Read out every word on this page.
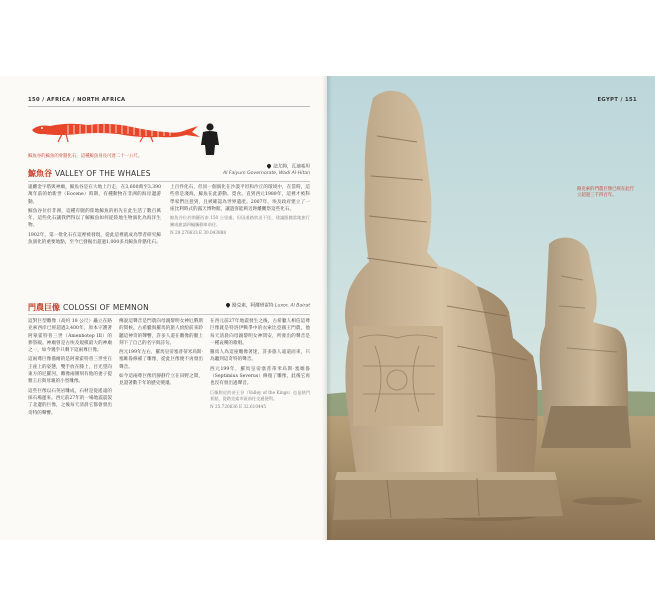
150 / AFRICA / NORTH AFRICA
鯨魚谷的鯨魚的骨骼化石，這種鯨魚身長可達二十一公尺。
法尤姆，瓦迪希坦
Al Faiyum Governorate, Wadi Al-Hitan
鯨魚谷 VALLEY OF THE WHALES

遠離金字塔與神廟，鯨魚谷是在大地上行走，在3,600萬至3,390萬年前的始新世（Eocene）時期，有種動物在非洲的海岸邊游動。

鯨魚谷位於非洲，這種有腿的陸地鯨魚的祖先在此生活了數百萬年，這些化石讓我們得以了解鯨魚如何從陸地生物演化為海洋生物。

1902年，第一批化石在這裡被發現，從此這裡就成為學者研究鯨魚演化的重要地點，至今已發掘出超過1,000多具鯨魚骨骼化石。

上百件化石，但同一個演化在沙漠平坦和沙丘的環境中，在當時，這些曾是淺海，鯨魚在此游動、覓食。直到西元1989年，這裡才被科學家們注意到，且被確認為世界遺產。2007年，埃及政府建立了一座比利時式的露天博物館，讓遊客能夠近距離觀察這些化石。

鯨魚谷位於開羅西南 150 公里處，但因道路狀況不佳，建議跟隨當地旅行團或雇請四輪驅動車前往。

N 29.270633 E 30.043888

路克索，阿爾班雷特 Luxor, Al Bairat
門農巨像 COLOSSI OF MEMNON

這對巨型雕像（高約 18 公尺）矗立在路克索西岸已經超過3,400年，原本守護著阿蒙霍特普三世（Amenhotep III）的葬祭殿。神廟曾是古埃及規模最大的神廟之一，如今幾乎只剩下這兩尊巨像。

這兩尊巨像描繪的是阿蒙霍特普三世坐在王座上的姿態，雙手放在膝上，目光望向東方的尼羅河。雕像兩側刻有他的妻子提雅王后與母親的小型雕像。

這些巨像以石英岩雕成，石材是從遙遠的採石場運來。西元前27年的一場地震震裂了北邊的巨像，之後每天清晨它都會發出奇特的聲響。

傳說這聲音是門農向母親黎明女神厄俄斯的問候。古希臘與羅馬的旅人紛紛前來聆聽這神奇的聲響，許多人還在雕像的腿上刻下了自己的名字與詩句。

西元199年左右，羅馬皇帝塞普蒂米烏斯·塞維魯修補了雕像，從此巨像便不再發出聲音。

如今這兩尊巨像仍靜靜佇立在田野之間，見證著數千年的歷史變遷。

在西元前27年地震發生之後，古希臘人相信這尊巨像就是特洛伊戰爭中的衣索比亞國王門農，他每天清晨向母親黎明女神問安，所發出的聲音是一種哀嘆的歌唱。

羅馬人為這座雕像著迷，許多旅人遠道而來，只為聽到這奇特的聲音。

西元199年，羅馬皇帝塞普蒂米烏斯·塞維魯（Septimius Severus）修復了雕像，此後它再也沒有發出過聲音。

巨像附近的帝王谷（Valley of the Kings）也是熱門景點，從路克索市區前往交通便利。

N 25.720636 E 32.610445

EGYPT / 151
路克索的門農巨像已經在此佇立超過三千四百年。
